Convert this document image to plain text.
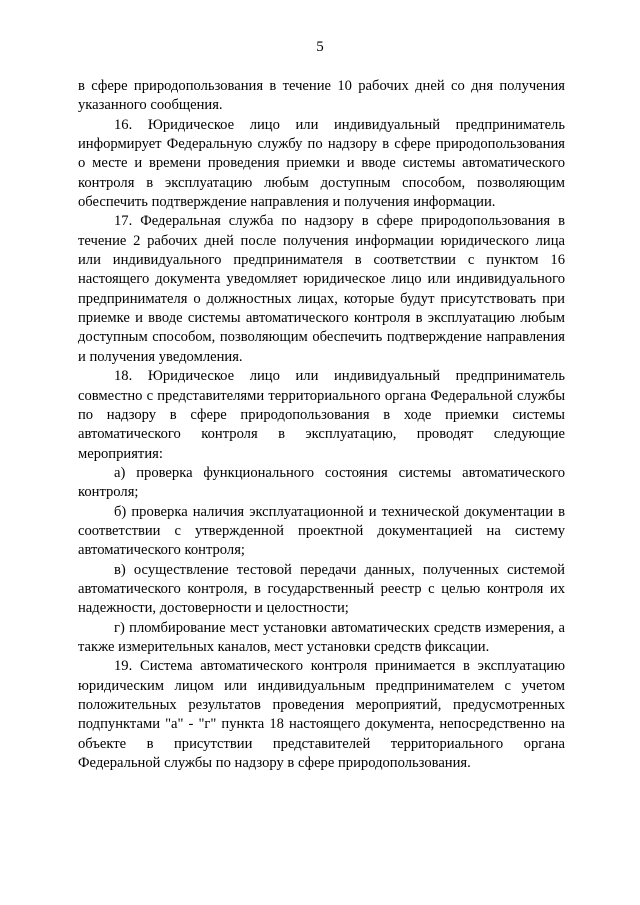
5

в сфере природопользования в течение 10 рабочих дней со дня получения указанного сообщения.

16. Юридическое лицо или индивидуальный предприниматель информирует Федеральную службу по надзору в сфере природопользования о месте и времени проведения приемки и вводе системы автоматического контроля в эксплуатацию любым доступным способом, позволяющим обеспечить подтверждение направления и получения информации.

17. Федеральная служба по надзору в сфере природопользования в течение 2 рабочих дней после получения информации юридического лица или индивидуального предпринимателя в соответствии с пунктом 16 настоящего документа уведомляет юридическое лицо или индивидуального предпринимателя о должностных лицах, которые будут присутствовать при приемке и вводе системы автоматического контроля в эксплуатацию любым доступным способом, позволяющим обеспечить подтверждение направления и получения уведомления.

18. Юридическое лицо или индивидуальный предприниматель совместно с представителями территориального органа Федеральной службы по надзору в сфере природопользования в ходе приемки системы автоматического контроля в эксплуатацию, проводят следующие мероприятия:

а) проверка функционального состояния системы автоматического контроля;

б) проверка наличия эксплуатационной и технической документации в соответствии с утвержденной проектной документацией на систему автоматического контроля;

в) осуществление тестовой передачи данных, полученных системой автоматического контроля, в государственный реестр с целью контроля их надежности, достоверности и целостности;

г) пломбирование мест установки автоматических средств измерения, а также измерительных каналов, мест установки средств фиксации.

19. Система автоматического контроля принимается в эксплуатацию юридическим лицом или индивидуальным предпринимателем с учетом положительных результатов проведения мероприятий, предусмотренных подпунктами "а" - "г" пункта 18 настоящего документа, непосредственно на объекте в присутствии представителей территориального органа Федеральной службы по надзору в сфере природопользования.
